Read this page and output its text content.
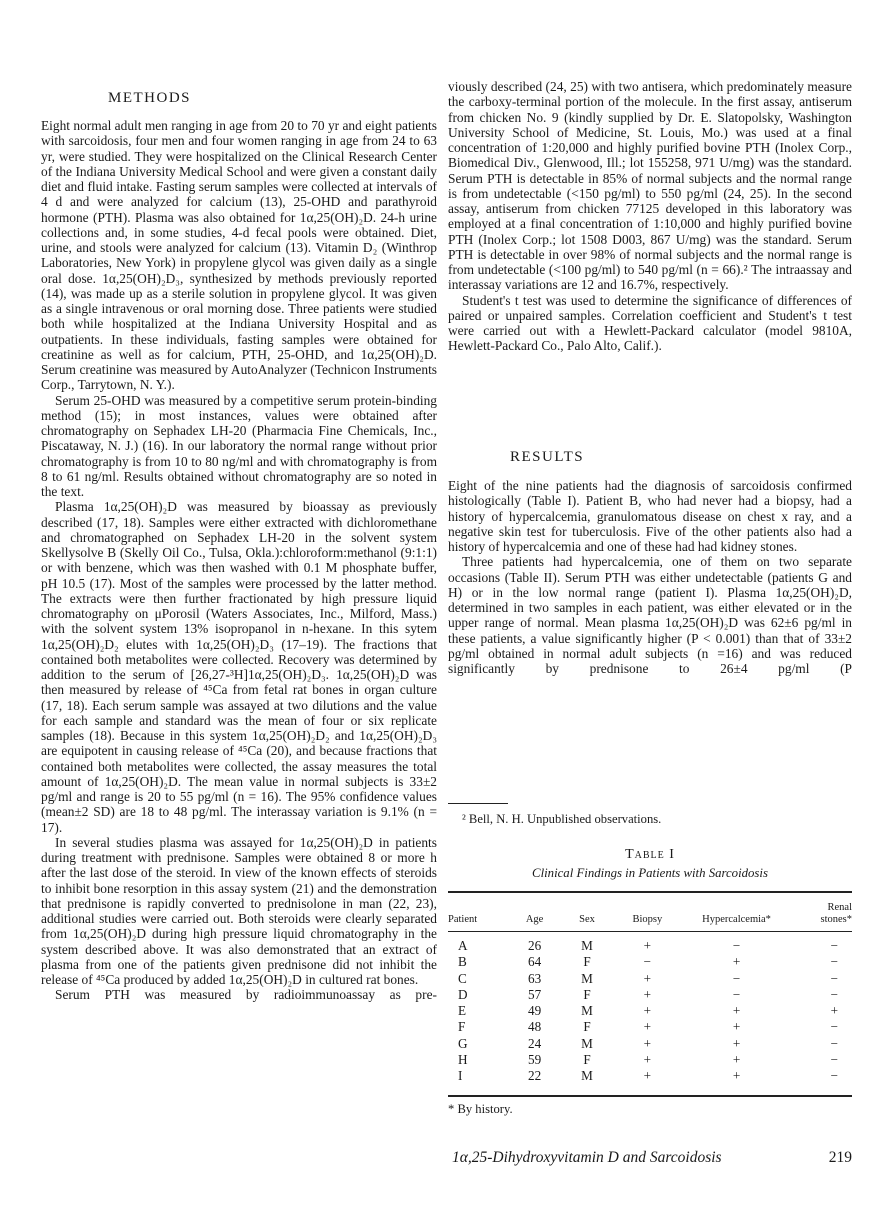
METHODS

Eight normal adult men ranging in age from 20 to 70 yr and eight patients with sarcoidosis, four men and four women ranging in age from 24 to 63 yr, were studied. They were hospitalized on the Clinical Research Center of the Indiana University Medical School and were given a constant daily diet and fluid intake. Fasting serum samples were collected at intervals of 4 d and were analyzed for calcium (13), 25-OHD and parathyroid hormone (PTH). Plasma was also obtained for 1α,25(OH)₂D. 24-h urine collections and, in some studies, 4-d fecal pools were obtained. Diet, urine, and stools were analyzed for calcium (13). Vitamin D₂ (Winthrop Laboratories, New York) in propylene glycol was given daily as a single oral dose. 1α,25(OH)₂D₃, synthesized by methods previously reported (14), was made up as a sterile solution in propylene glycol. It was given as a single intravenous or oral morning dose. Three patients were studied both while hospitalized at the Indiana University Hospital and as outpatients. In these individuals, fasting samples were obtained for creatinine as well as for calcium, PTH, 25-OHD, and 1α,25(OH)₂D. Serum creatinine was measured by AutoAnalyzer (Technicon Instruments Corp., Tarrytown, N. Y.).

Serum 25-OHD was measured by a competitive serum protein-binding method (15); in most instances, values were obtained after chromatography on Sephadex LH-20 (Pharmacia Fine Chemicals, Inc., Piscataway, N. J.) (16). In our laboratory the normal range without prior chromatography is from 10 to 80 ng/ml and with chromatography is from 8 to 61 ng/ml. Results obtained without chromatography are so noted in the text.

Plasma 1α,25(OH)₂D was measured by bioassay as previously described (17, 18). Samples were either extracted with dichloromethane and chromatographed on Sephadex LH-20 in the solvent system Skellysolve B (Skelly Oil Co., Tulsa, Okla.):chloroform:methanol (9:1:1) or with benzene, which was then washed with 0.1 M phosphate buffer, pH 10.5 (17). Most of the samples were processed by the latter method. The extracts were then further fractionated by high pressure liquid chromatography on μPorosil (Waters Associates, Inc., Milford, Mass.) with the solvent system 13% isopropanol in n-hexane. In this sytem 1α,25(OH)₂D₂ elutes with 1α,25(OH)₂D₃ (17–19). The fractions that contained both metabolites were collected. Recovery was determined by addition to the serum of [26,27-³H]1α,25(OH)₂D₃. 1α,25(OH)₂D was then measured by release of ⁴⁵Ca from fetal rat bones in organ culture (17, 18). Each serum sample was assayed at two dilutions and the value for each sample and standard was the mean of four or six replicate samples (18). Because in this system 1α,25(OH)₂D₂ and 1α,25(OH)₂D₃ are equipotent in causing release of ⁴⁵Ca (20), and because fractions that contained both metabolites were collected, the assay measures the total amount of 1α,25(OH)₂D. The mean value in normal subjects is 33±2 pg/ml and range is 20 to 55 pg/ml (n = 16). The 95% confidence values (mean±2 SD) are 18 to 48 pg/ml. The interassay variation is 9.1% (n = 17).

In several studies plasma was assayed for 1α,25(OH)₂D in patients during treatment with prednisone. Samples were obtained 8 or more h after the last dose of the steroid. In view of the known effects of steroids to inhibit bone resorption in this assay system (21) and the demonstration that prednisone is rapidly converted to prednisolone in man (22, 23), additional studies were carried out. Both steroids were clearly separated from 1α,25(OH)₂D during high pressure liquid chromatography in the system described above. It was also demonstrated that an extract of plasma from one of the patients given prednisone did not inhibit the release of ⁴⁵Ca produced by added 1α,25(OH)₂D in cultured rat bones.

Serum PTH was measured by radioimmunoassay as pre-

viously described (24, 25) with two antisera, which predominately measure the carboxy-terminal portion of the molecule. In the first assay, antiserum from chicken No. 9 (kindly supplied by Dr. E. Slatopolsky, Washington University School of Medicine, St. Louis, Mo.) was used at a final concentration of 1:20,000 and highly purified bovine PTH (Inolex Corp., Biomedical Div., Glenwood, Ill.; lot 155258, 971 U/mg) was the standard. Serum PTH is detectable in 85% of normal subjects and the normal range is from undetectable (<150 pg/ml) to 550 pg/ml (24, 25). In the second assay, antiserum from chicken 77125 developed in this laboratory was employed at a final concentration of 1:10,000 and highly purified bovine PTH (Inolex Corp.; lot 1508 D003, 867 U/mg) was the standard. Serum PTH is detectable in over 98% of normal subjects and the normal range is from undetectable (<100 pg/ml) to 540 pg/ml (n = 66).² The intraassay and interassay variations are 12 and 16.7%, respectively.

Student's t test was used to determine the significance of differences of paired or unpaired samples. Correlation coefficient and Student's t test were carried out with a Hewlett-Packard calculator (model 9810A, Hewlett-Packard Co., Palo Alto, Calif.).

RESULTS

Eight of the nine patients had the diagnosis of sarcoidosis confirmed histologically (Table I). Patient B, who had never had a biopsy, had a history of hypercalcemia, granulomatous disease on chest x ray, and a negative skin test for tuberculosis. Five of the other patients also had a history of hypercalcemia and one of these had had kidney stones.

Three patients had hypercalcemia, one of them on two separate occasions (Table II). Serum PTH was either undetectable (patients G and H) or in the low normal range (patient I). Plasma 1α,25(OH)₂D, determined in two samples in each patient, was either elevated or in the upper range of normal. Mean plasma 1α,25(OH)₂D was 62±6 pg/ml in these patients, a value significantly higher (P < 0.001) than that of 33±2 pg/ml obtained in normal adult subjects (n =16) and was reduced significantly by prednisone to 26±4 pg/ml (P

² Bell, N. H. Unpublished observations.
Table I
Clinical Findings in Patients with Sarcoidosis
Patient	Age	Sex	Biopsy	Hypercalcemia*	Renal stones*
A	26	M	+	−	−
B	64	F	−	+	−
C	63	M	+	−	−
D	57	F	+	−	−
E	49	M	+	+	+
F	48	F	+	+	−
G	24	M	+	+	−
H	59	F	+	+	−
I	22	M	+	+	−
* By history.
1α,25-Dihydroxyvitamin D and Sarcoidosis	219
